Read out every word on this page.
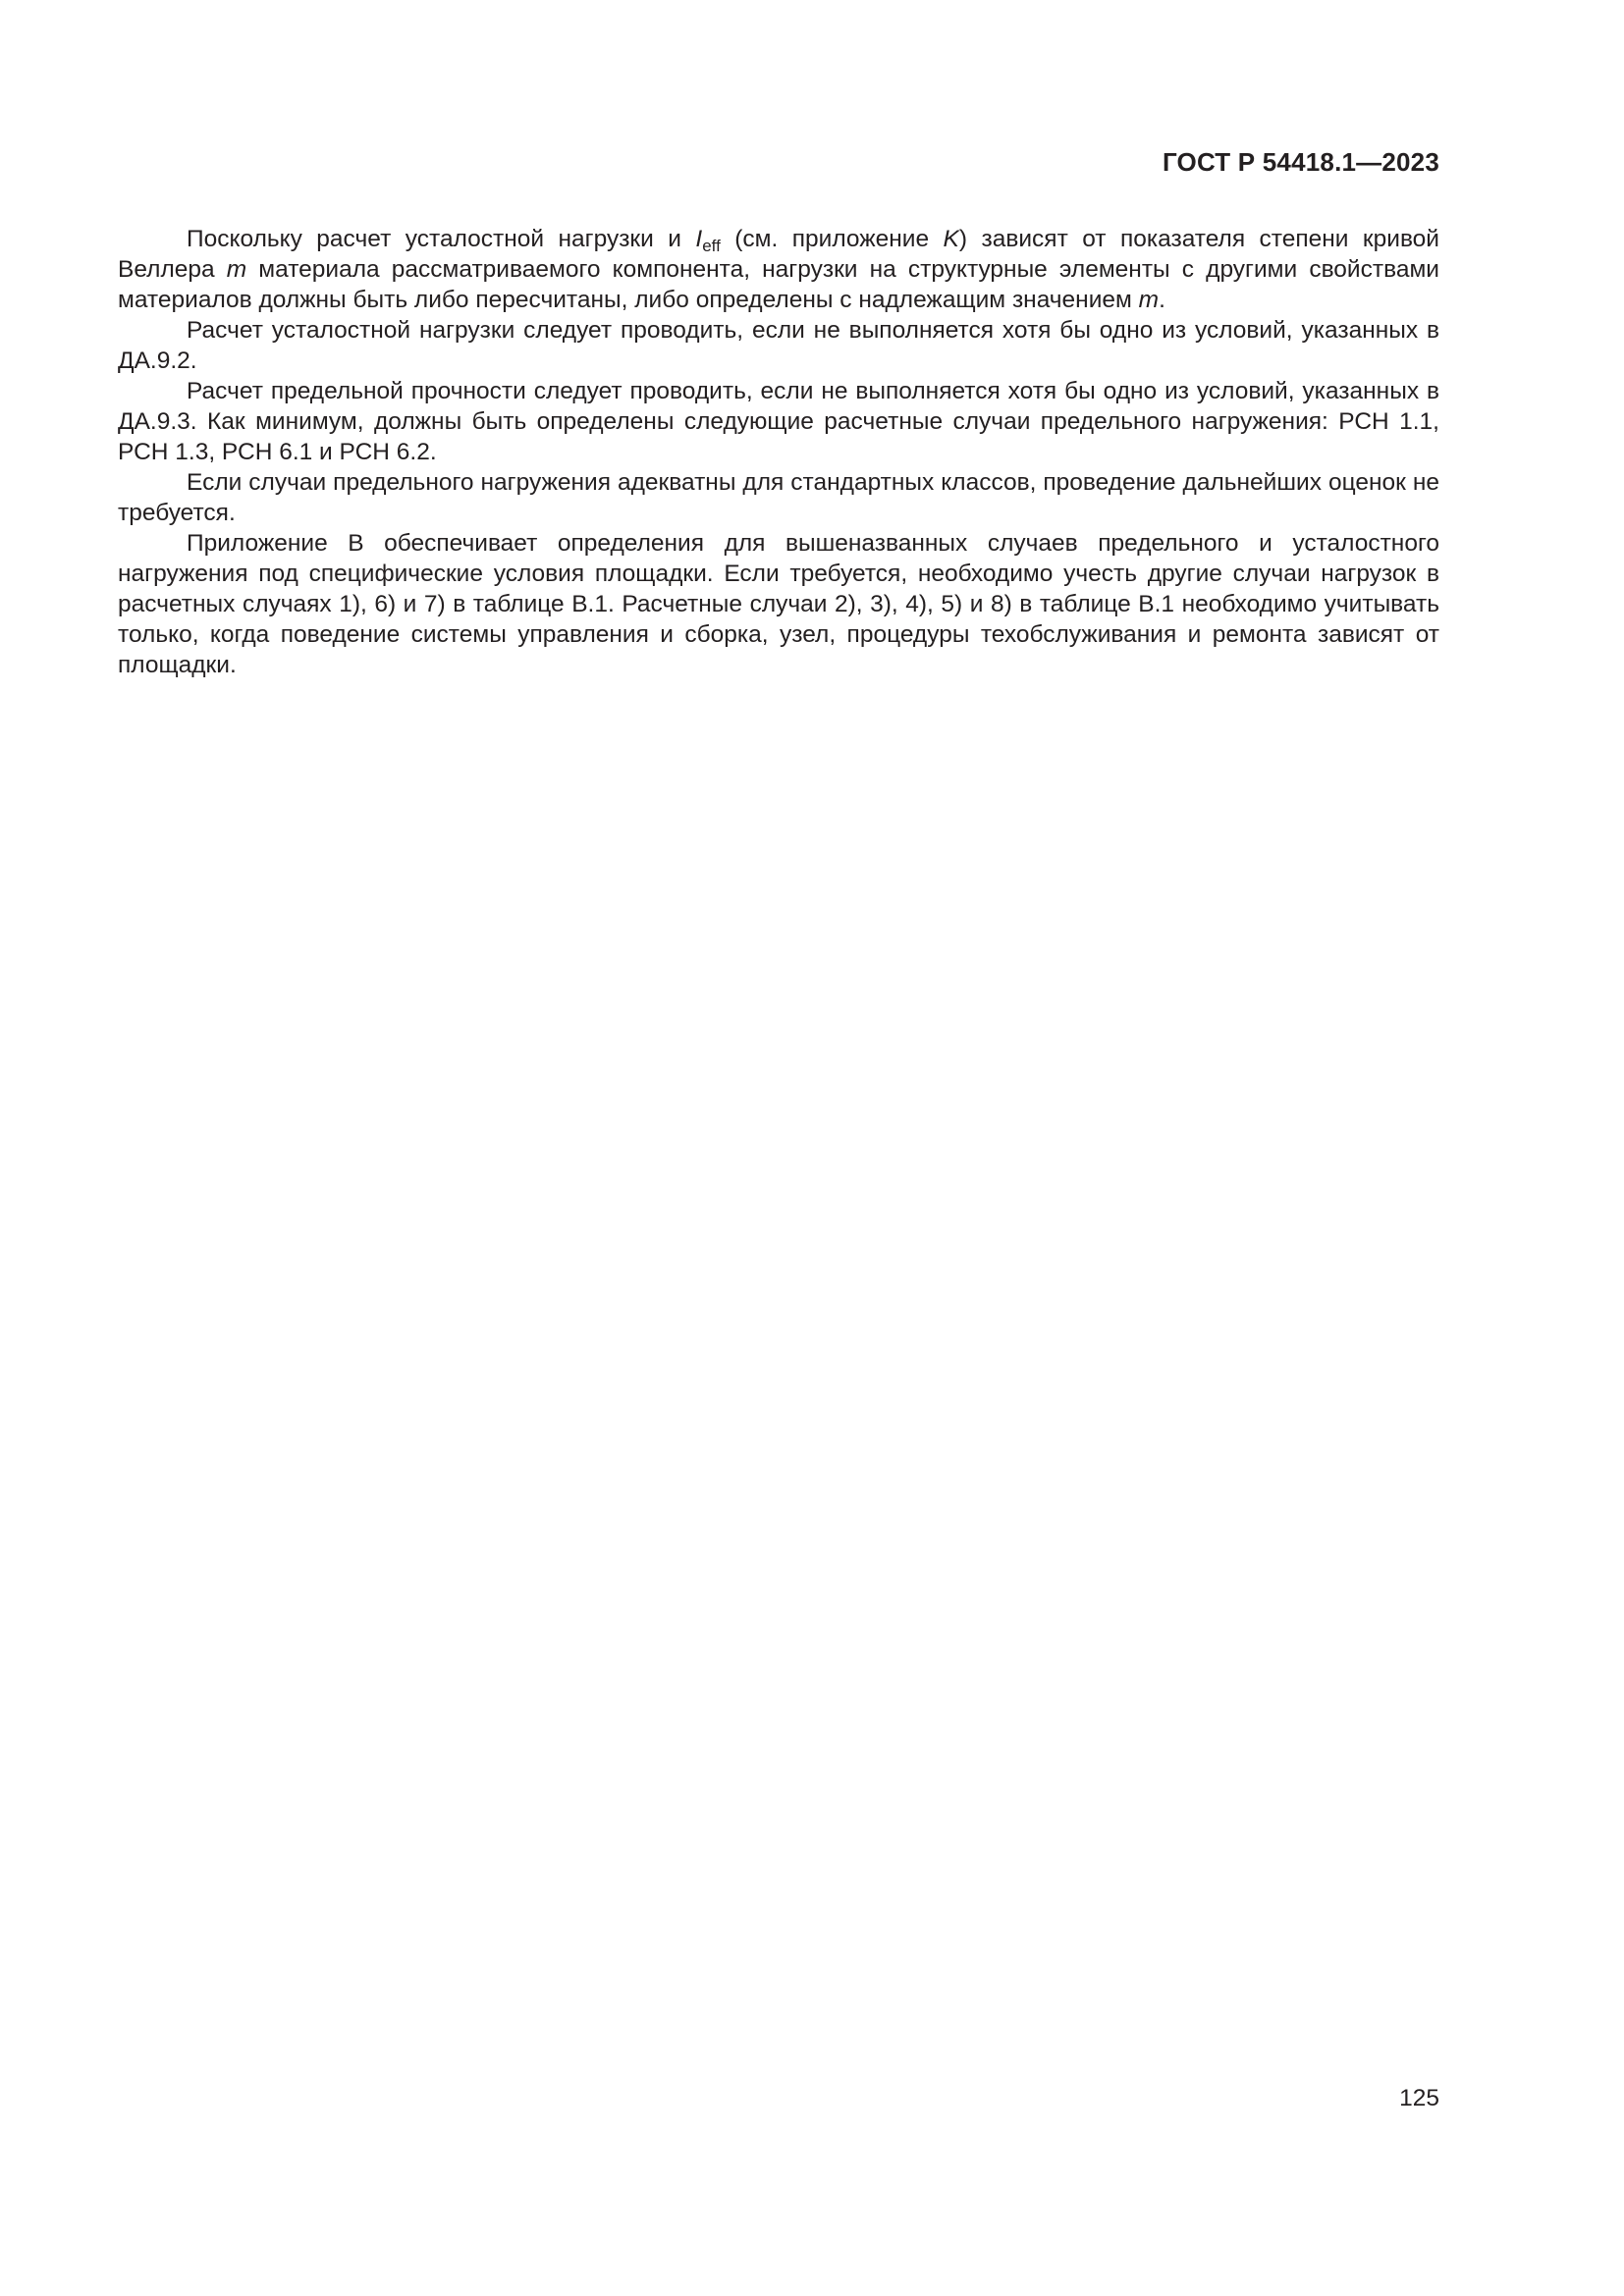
ГОСТ Р 54418.1—2023

Поскольку расчет усталостной нагрузки и $I_{eff}$ (см. приложение K) зависят от показателя степени кривой Веллера m материала рассматриваемого компонента, нагрузки на структурные элементы с другими свойствами материалов должны быть либо пересчитаны, либо определены с надлежащим значением m.

Расчет усталостной нагрузки следует проводить, если не выполняется хотя бы одно из условий, указанных в ДА.9.2.

Расчет предельной прочности следует проводить, если не выполняется хотя бы одно из условий, указанных в ДА.9.3. Как минимум, должны быть определены следующие расчетные случаи предельного нагружения: РСН 1.1, РСН 1.3, РСН 6.1 и РСН 6.2.

Если случаи предельного нагружения адекватны для стандартных классов, проведение дальнейших оценок не требуется.

Приложение В обеспечивает определения для вышеназванных случаев предельного и усталостного нагружения под специфические условия площадки. Если требуется, необходимо учесть другие случаи нагрузок в расчетных случаях 1), 6) и 7) в таблице В.1. Расчетные случаи 2), 3), 4), 5) и 8) в таблице В.1 необходимо учитывать только, когда поведение системы управления и сборка, узел, процедуры техобслуживания и ремонта зависят от площадки.

125
